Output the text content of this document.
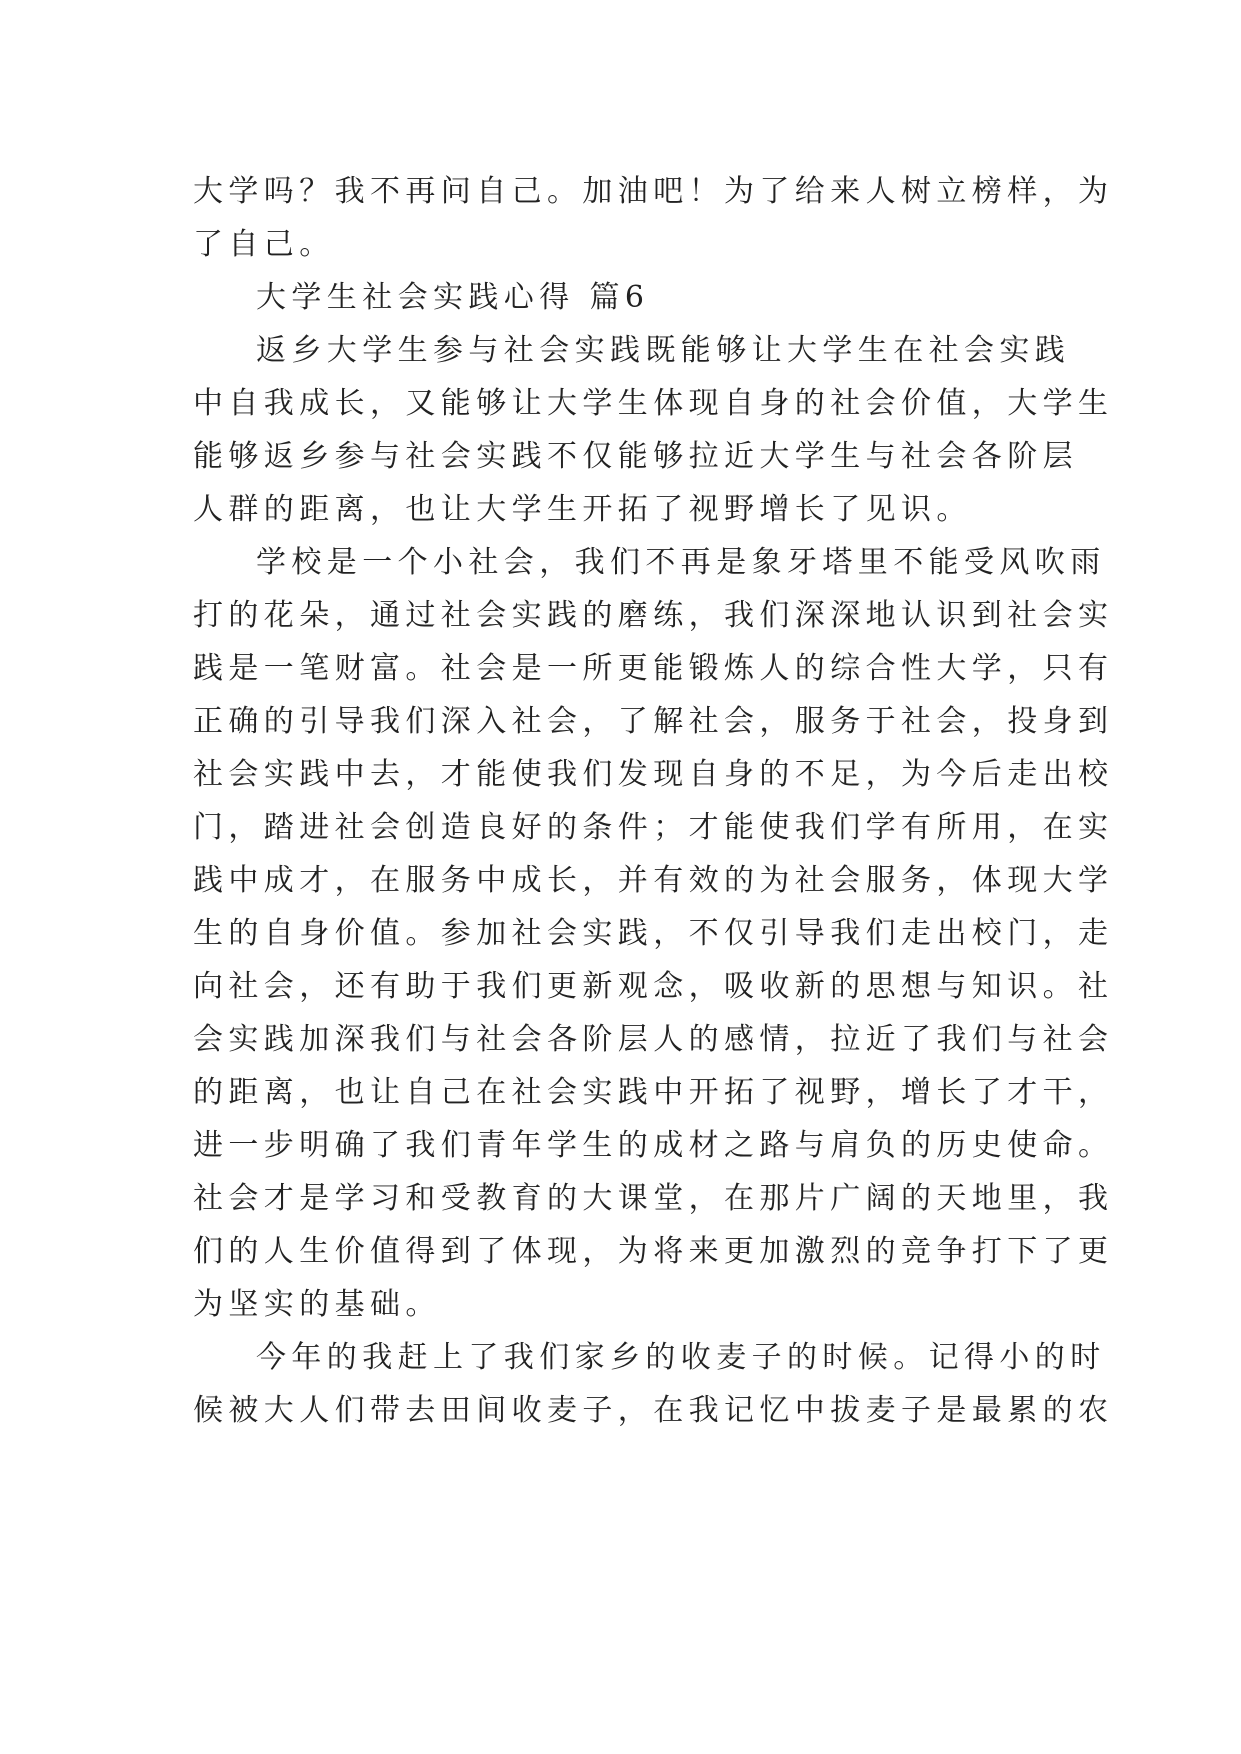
大学吗？我不再问自己。加油吧！为了给来人树立榜样，为
了自己。
大学生社会实践心得 篇6
返乡大学生参与社会实践既能够让大学生在社会实践
中自我成长，又能够让大学生体现自身的社会价值，大学生
能够返乡参与社会实践不仅能够拉近大学生与社会各阶层
人群的距离，也让大学生开拓了视野增长了见识。
学校是一个小社会，我们不再是象牙塔里不能受风吹雨
打的花朵，通过社会实践的磨练，我们深深地认识到社会实
践是一笔财富。社会是一所更能锻炼人的综合性大学，只有
正确的引导我们深入社会，了解社会，服务于社会，投身到
社会实践中去，才能使我们发现自身的不足，为今后走出校
门，踏进社会创造良好的条件；才能使我们学有所用，在实
践中成才，在服务中成长，并有效的为社会服务，体现大学
生的自身价值。参加社会实践，不仅引导我们走出校门，走
向社会，还有助于我们更新观念，吸收新的思想与知识。社
会实践加深我们与社会各阶层人的感情，拉近了我们与社会
的距离，也让自己在社会实践中开拓了视野，增长了才干，
进一步明确了我们青年学生的成材之路与肩负的历史使命。
社会才是学习和受教育的大课堂，在那片广阔的天地里，我
们的人生价值得到了体现，为将来更加激烈的竞争打下了更
为坚实的基础。
今年的我赶上了我们家乡的收麦子的时候。记得小的时
候被大人们带去田间收麦子，在我记忆中拔麦子是最累的农
